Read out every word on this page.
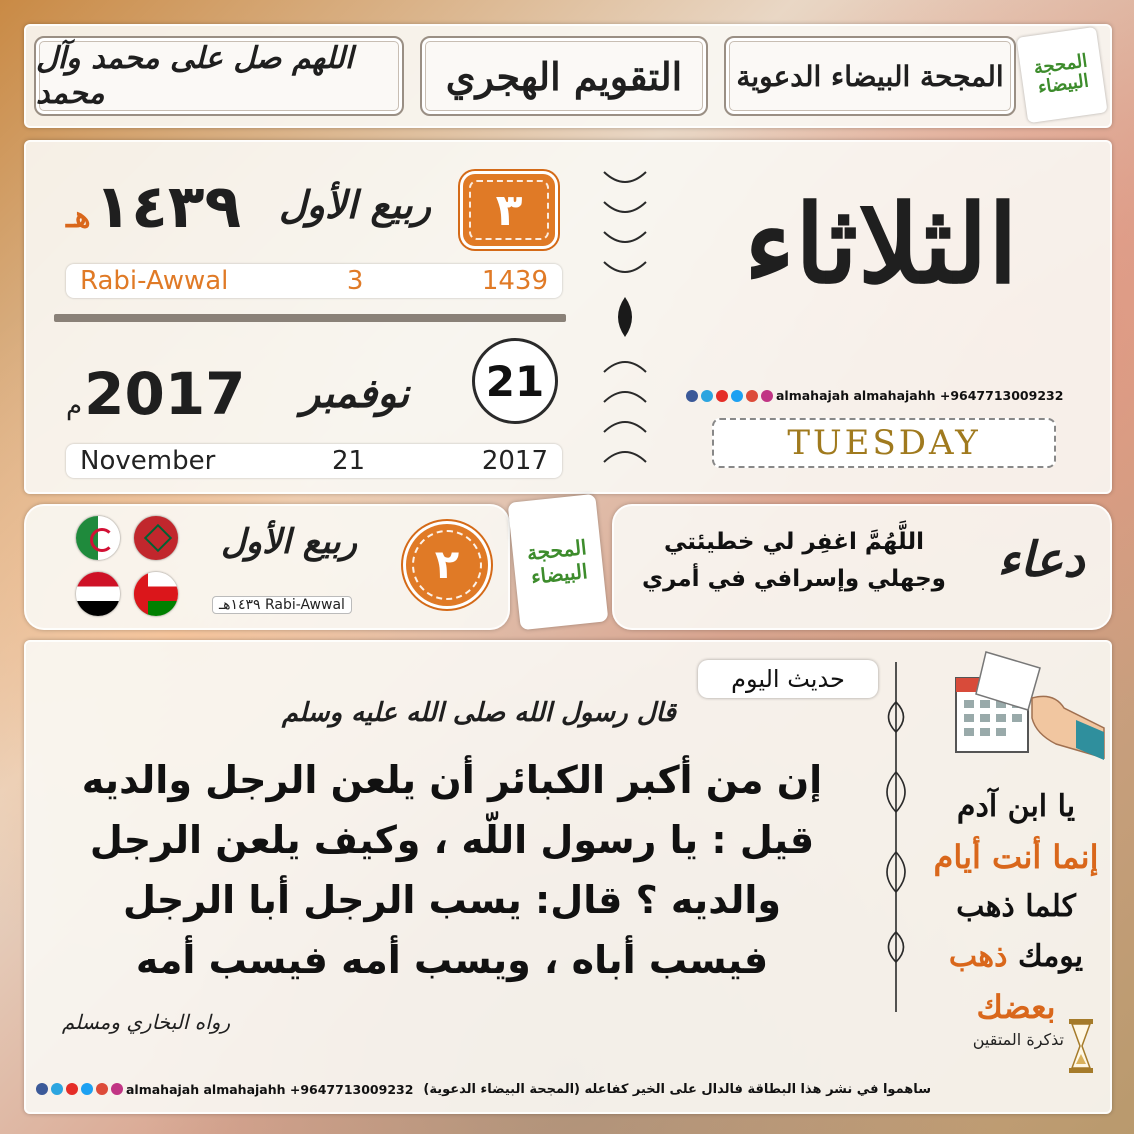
اللهم صل على محمد وآل محمد	التقويم الهجري المجحة البيضاء الدعوية	المحجة البيضاء
هـ ١٤٣٩ ربيع الأول	٣
Rabi-Awwal	3	1439
م 2017	نوفمبر	21
November	21	2017
الثلاثاء
almahajah almahajahh +9647713009232
TUESDAY
ربيع الأول
١٤٣٩هـ Rabi-Awwal
٢	المحجة البيضاء
اللَّهُمَّ اغفِر لي خطيئتي
وجهلي وإسرافي في أمري	دعاء
حديث اليوم
قال رسول الله صلى الله عليه وسلم
إن من أكبر الكبائر أن يلعن الرجل والديه
قيل : يا رسول اللّه ، وكيف يلعن الرجل
والديه ؟ قال: يسب الرجل أبا الرجل
فيسب أباه ، ويسب أمه فيسب أمه
رواه البخاري ومسلم
يا ابن آدم
إنما أنت أيام
كلما ذهب
يومك ذهب
بعضك
تذكرة المتقين
almahajah almahajahh +9647713009232 (المجحة البيضاء الدعوية) ساهموا في نشر هذا البطاقة فالدال على الخير كفاعله
